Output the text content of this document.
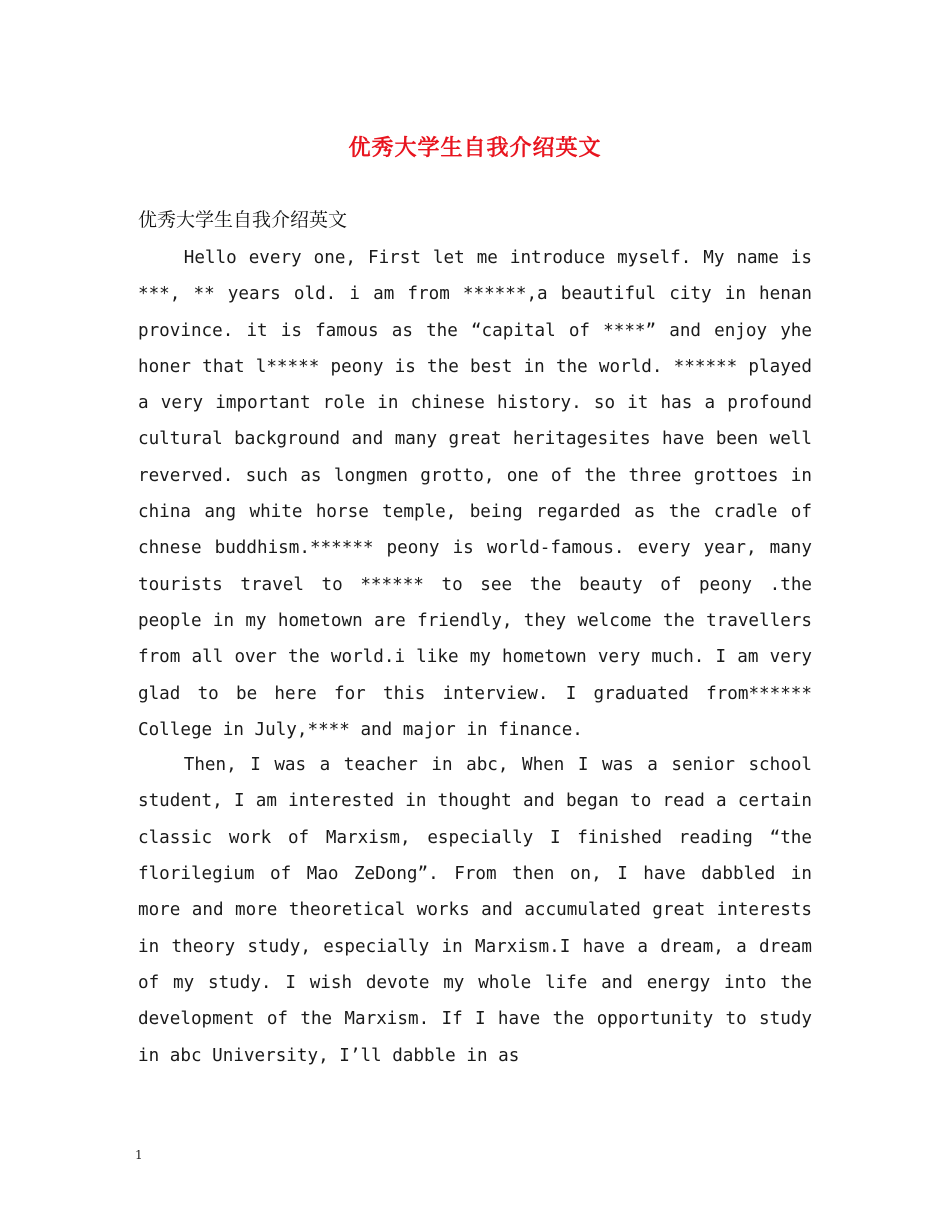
优秀大学生自我介绍英文
优秀大学生自我介绍英文

Hello every one, First let me introduce myself. My name is ***, ** years old. i am from ******,a beautiful city in henan province. it is famous as the “capital of ****” and enjoy yhe honer that l***** peony is the best in the world. ****** played a very important role in chinese history. so it has a profound cultural background and many great heritagesites have been well reverved. such as longmen grotto, one of the three grottoes in china ang white horse temple, being regarded as the cradle of chnese buddhism.****** peony is world-famous. every year, many tourists travel to ****** to see the beauty of peony .the people in my hometown are friendly, they welcome the travellers from all over the world.i like my hometown very much. I am very glad to be here for this interview. I graduated from****** College in July,**** and major in finance.

Then, I was a teacher in abc, When I was a senior school student, I am interested in thought and began to read a certain classic work of Marxism, especially I finished reading “the florilegium of Mao ZeDong”. From then on, I have dabbled in more and more theoretical works and accumulated great interests in theory study, especially in Marxism.I have a dream, a dream of my study. I wish devote my whole life and energy into the development of the Marxism. If I have the opportunity to study in abc University, I’ll dabble in as

1
